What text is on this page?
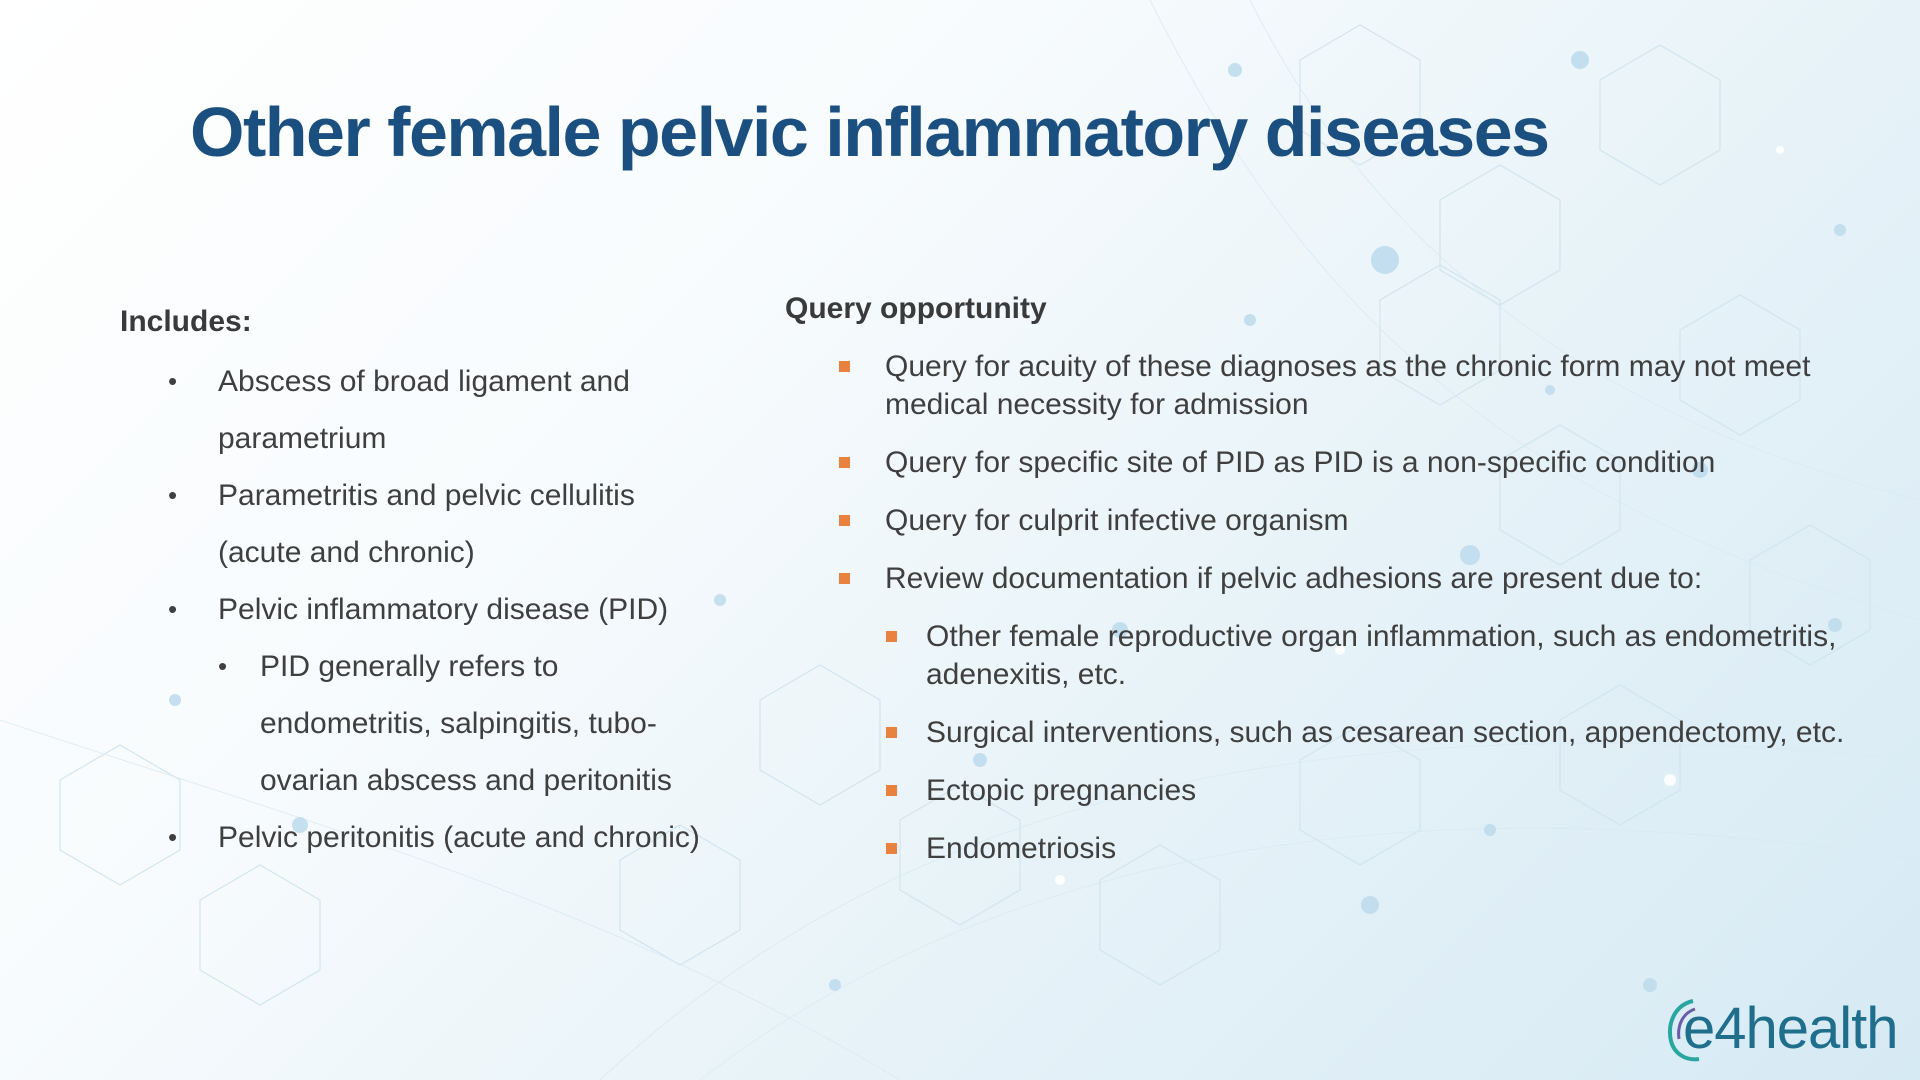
Other female pelvic inflammatory diseases
Includes:
• Abscess of broad ligament and parametrium
• Parametritis and pelvic cellulitis (acute and chronic)
• Pelvic inflammatory disease (PID)
• PID generally refers to endometritis, salpingitis, tubo-ovarian abscess and peritonitis
• Pelvic peritonitis (acute and chronic)
Query opportunity
Query for acuity of these diagnoses as the chronic form may not meet medical necessity for admission
Query for specific site of PID as PID is a non-specific condition
Query for culprit infective organism
Review documentation if pelvic adhesions are present due to:
Other female reproductive organ inflammation, such as endometritis, adenexitis, etc.
Surgical interventions, such as cesarean section, appendectomy, etc.
Ectopic pregnancies
Endometriosis
e4health
